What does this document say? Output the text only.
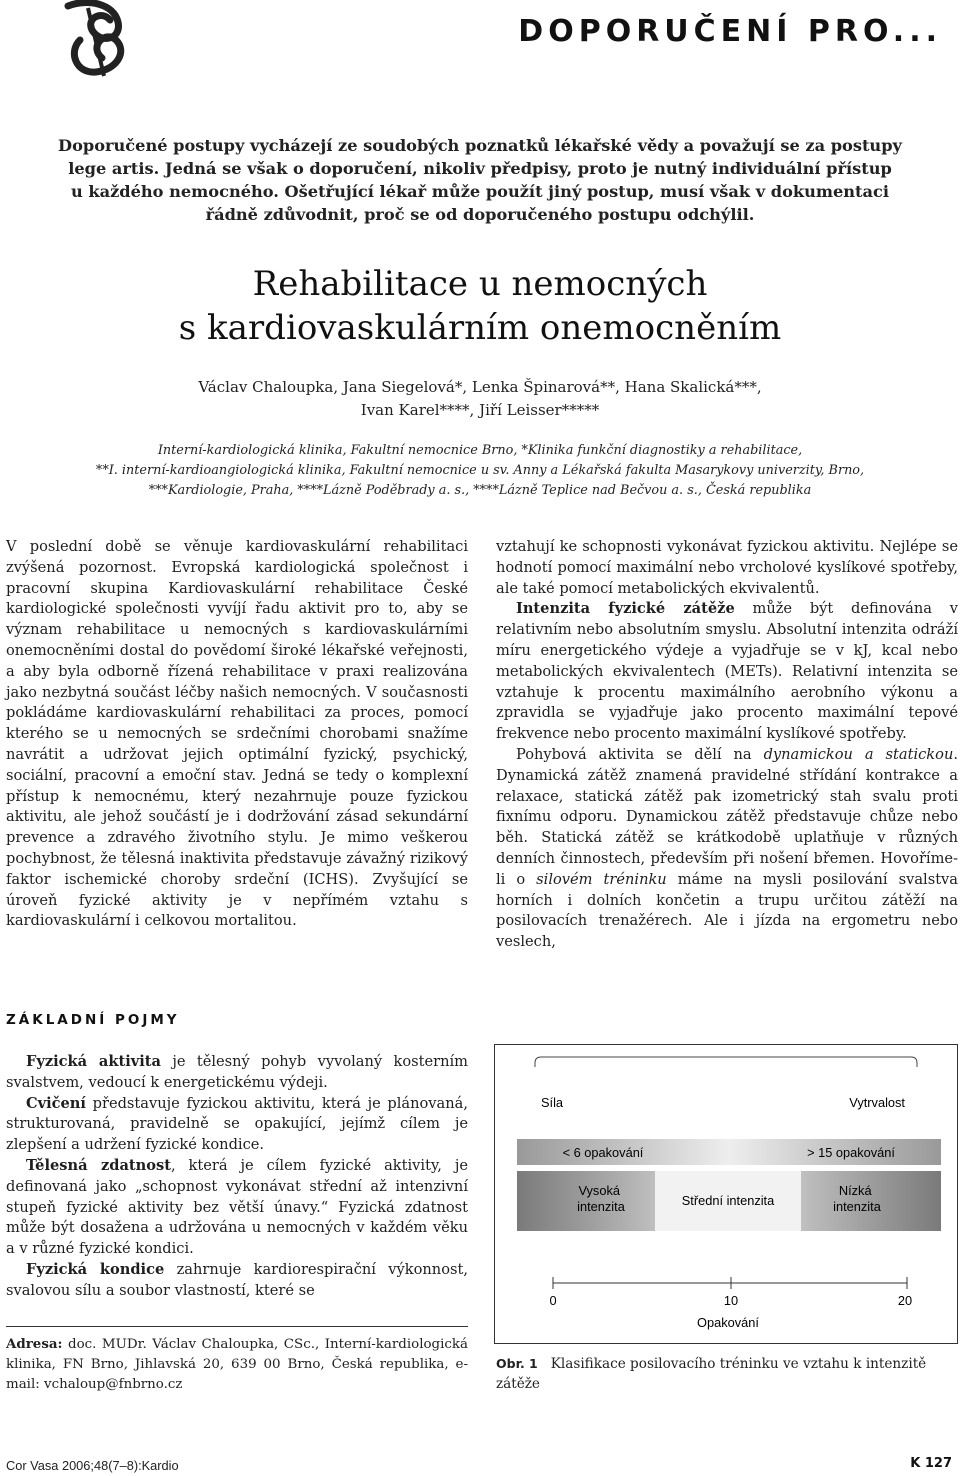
DOPORUČENÍ PRO...
Doporučené postupy vycházejí ze soudobých poznatků lékařské vědy a považují se za postupy
lege artis. Jedná se však o doporučení, nikoliv předpisy, proto je nutný individuální přístup
u každého nemocného. Ošetřující lékař může použít jiný postup, musí však v dokumentaci
řádně zdůvodnit, proč se od doporučeného postupu odchýlil.
Rehabilitace u nemocných
s kardiovaskulárním onemocněním
Václav Chaloupka, Jana Siegelová*, Lenka Špinarová**, Hana Skalická***,
Ivan Karel****, Jiří Leisser*****
Interní-kardiologická klinika, Fakultní nemocnice Brno, *Klinika funkční diagnostiky a rehabilitace,
**I. interní-kardioangiologická klinika, Fakultní nemocnice u sv. Anny a Lékařská fakulta Masarykovy univerzity, Brno,
***Kardiologie, Praha, ****Lázně Poděbrady a. s., ****Lázně Teplice nad Bečvou a. s., Česká republika

V poslední době se věnuje kardiovaskulární rehabilitaci zvýšená pozornost. Evropská kardiologická společnost i pracovní skupina Kardiovaskulární rehabilitace České kardiologické společnosti vyvíjí řadu aktivit pro to, aby se význam rehabilitace u nemocných s kardiovaskulárními onemocněními dostal do povědomí široké lékařské veřejnosti, a aby byla odborně řízená rehabilitace v praxi realizována jako nezbytná součást léčby našich nemocných. V současnosti pokládáme kardiovaskulární rehabilitaci za proces, pomocí kterého se u nemocných se srdečními chorobami snažíme navrátit a udržovat jejich optimální fyzický, psychický, sociální, pracovní a emoční stav. Jedná se tedy o komplexní přístup k nemocnému, který nezahrnuje pouze fyzickou aktivitu, ale jehož součástí je i dodržování zásad sekundární prevence a zdravého životního stylu. Je mimo veškerou pochybnost, že tělesná inaktivita představuje závažný rizikový faktor ischemické choroby srdeční (ICHS). Zvyšující se úroveň fyzické aktivity je v nepřímém vztahu s kardiovaskulární i celkovou mortalitou.

ZÁKLADNÍ POJMY

Fyzická aktivita je tělesný pohyb vyvolaný kosterním svalstvem, vedoucí k energetickému výdeji.

Cvičení představuje fyzickou aktivitu, která je plánovaná, strukturovaná, pravidelně se opakující, jejímž cílem je zlepšení a udržení fyzické kondice.

Tělesná zdatnost, která je cílem fyzické aktivity, je definovaná jako „schopnost vykonávat střední až intenzivní stupeň fyzické aktivity bez větší únavy.“ Fyzická zdatnost může být dosažena a udržována u nemocných v každém věku a v různé fyzické kondici.

Fyzická kondice zahrnuje kardiorespirační výkonnost, svalovou sílu a soubor vlastností, které se

Adresa: doc. MUDr. Václav Chaloupka, CSc., Interní-kardiologická klinika, FN Brno, Jihlavská 20, 639 00 Brno, Česká republika, e-mail: vchaloup@fnbrno.cz

vztahují ke schopnosti vykonávat fyzickou aktivitu. Nejlépe se hodnotí pomocí maximální nebo vrcholové kyslíkové spotřeby, ale také pomocí metabolických ekvivalentů.

Intenzita fyzické zátěže může být definována v relativním nebo absolutním smyslu. Absolutní intenzita odráží míru energetického výdeje a vyjadřuje se v kJ, kcal nebo metabolických ekvivalentech (METs). Relativní intenzita se vztahuje k procentu maximálního aerobního výkonu a zpravidla se vyjadřuje jako procento maximální tepové frekvence nebo procento maximální kyslíkové spotřeby.

Pohybová aktivita se dělí na dynamickou a statickou. Dynamická zátěž znamená pravidelné střídání kontrakce a relaxace, statická zátěž pak izometrický stah svalu proti fixnímu odporu. Dynamickou zátěž představuje chůze nebo běh. Statická zátěž se krátkodobě uplatňuje v různých denních činnostech, především při nošení břemen. Hovoříme-li o silovém tréninku máme na mysli posilování svalstva horních i dolních končetin a trupu určitou zátěží na posilovacích trenažérech. Ale i jízda na ergometru nebo veslech,

Síla	Vytrvalost
< 6 opakování	> 15 opakování
Vysoká intenzita	Střední intenzita
Nízká intenzita
0	10	20
Opakování
Obr. 1 Klasifikace posilovacího tréninku ve vztahu k intenzitě zátěže
Cor Vasa 2006;48(7–8):Kardio	K 127
